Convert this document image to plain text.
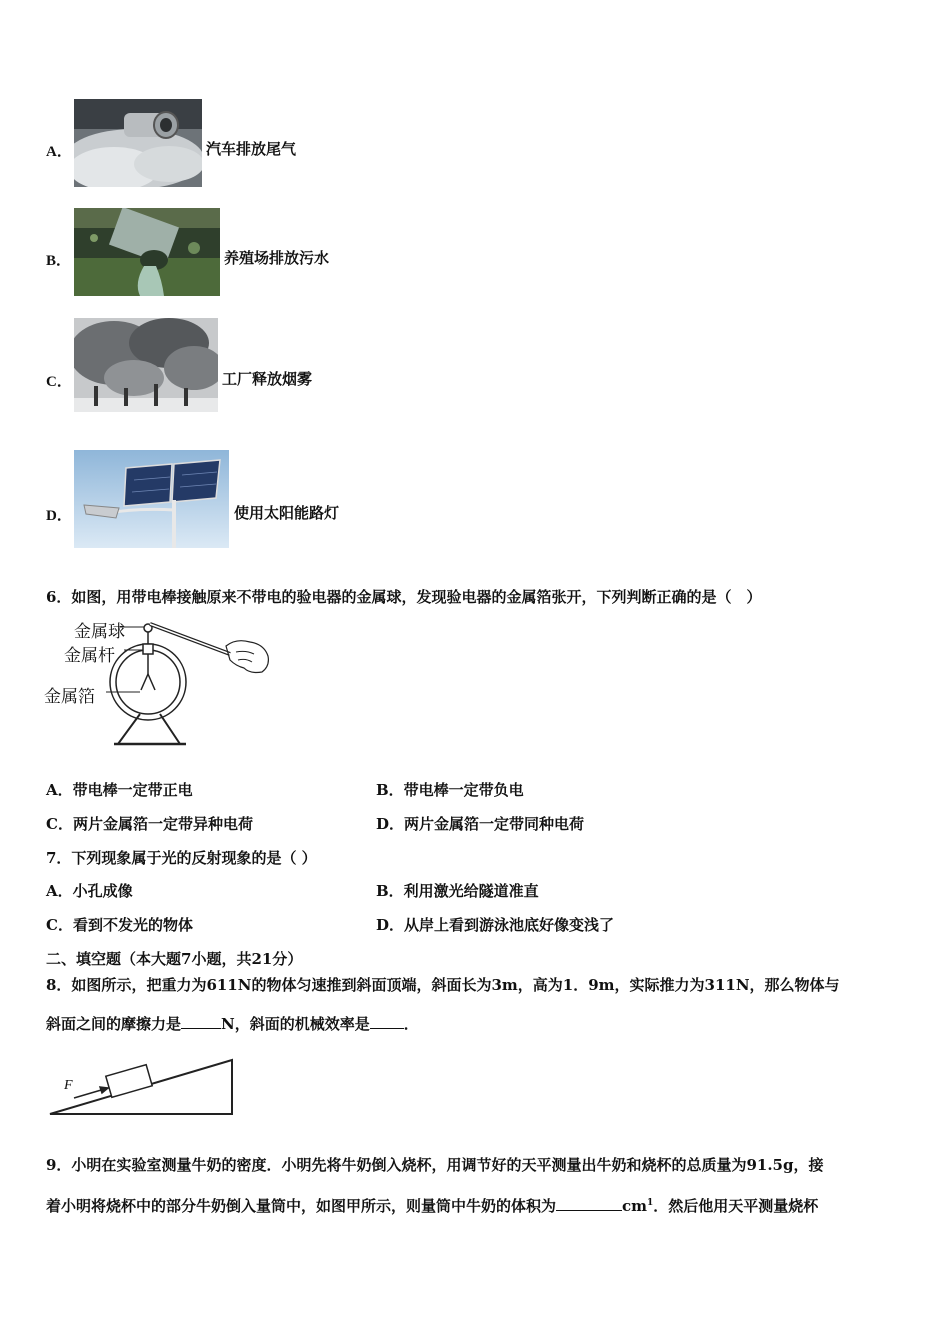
A．	汽车排放尾气
B．	养殖场排放污水
C．	工厂释放烟雾
D．	使用太阳能路灯
6．如图，用带电棒接触原来不带电的验电器的金属球，发现验电器的金属箔张开，下列判断正确的是（　）
金属球
金属杆
金属箔
A．带电棒一定带正电	B．带电棒一定带负电
C．两片金属箔一定带异种电荷	D．两片金属箔一定带同种电荷
7．下列现象属于光的反射现象的是（ ）
A．小孔成像	B．利用激光给隧道准直
C．看到不发光的物体	D．从岸上看到游泳池底好像变浅了
二、填空题（本大题7小题，共21分）
8．如图所示，把重力为611N的物体匀速推到斜面顶端，斜面长为3m，高为1．9m，实际推力为311N，那么物体与
斜面之间的摩擦力是	N，斜面的机械效率是 ．
F
9．小明在实验室测量牛奶的密度．小明先将牛奶倒入烧杯，用调节好的天平测量出牛奶和烧杯的总质量为91.5g，接
着小明将烧杯中的部分牛奶倒入量筒中，如图甲所示，则量筒中牛奶的体积为	$cm^1$．然后他用天平测量烧杯
